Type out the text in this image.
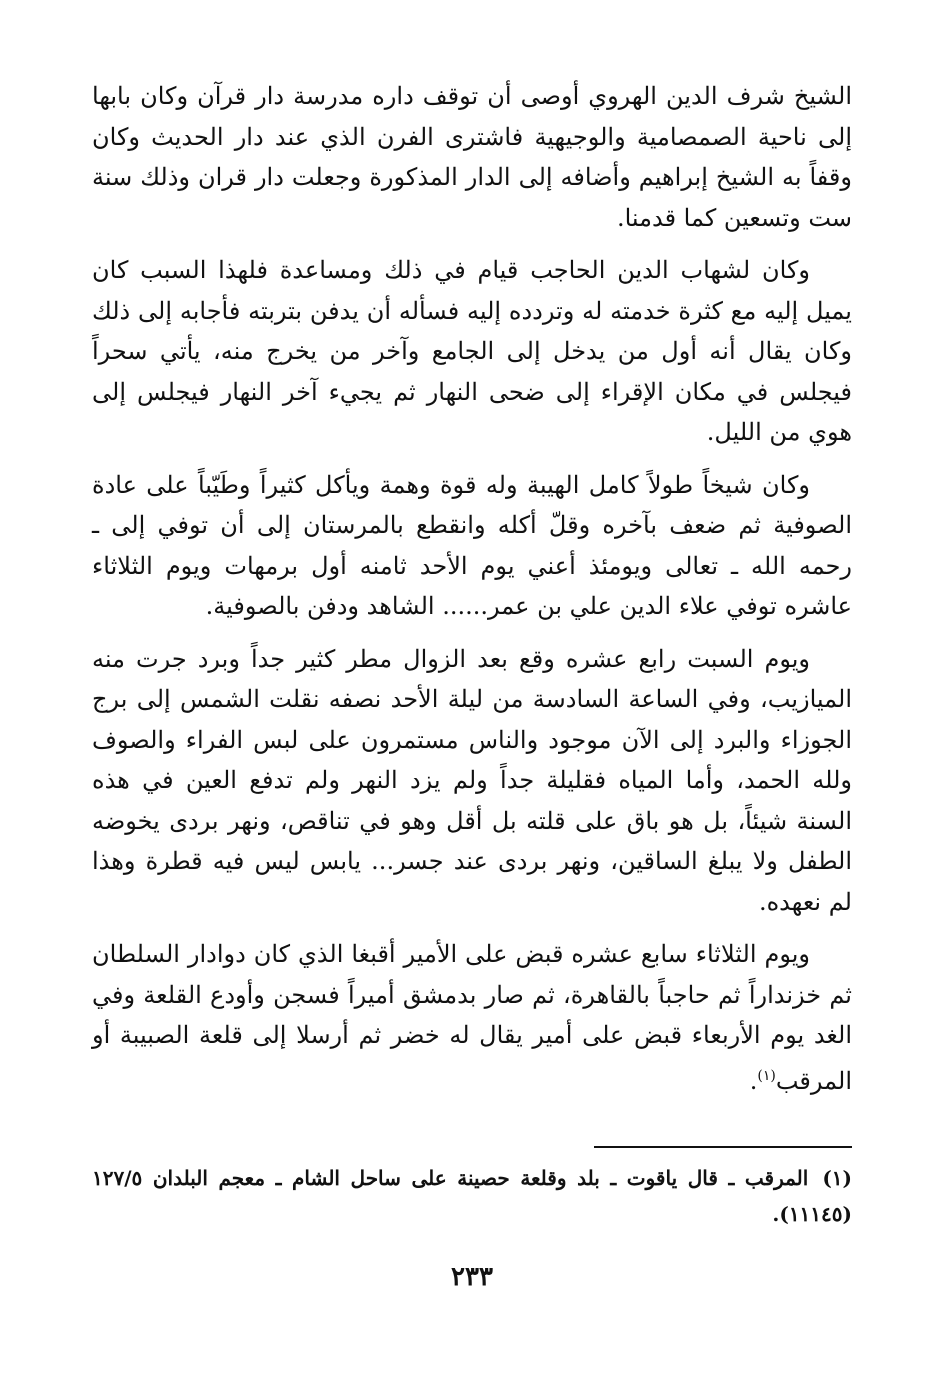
الشيخ شرف الدين الهروي أوصى أن توقف داره مدرسة دار قرآن وكان بابها إلى ناحية الصمصامية والوجيهية فاشترى الفرن الذي عند دار الحديث وكان وقفاً به الشيخ إبراهيم وأضافه إلى الدار المذكورة وجعلت دار قران وذلك سنة ست وتسعين كما قدمنا.

وكان لشهاب الدين الحاجب قيام في ذلك ومساعدة فلهذا السبب كان يميل إليه مع كثرة خدمته له وتردده إليه فسأله أن يدفن بتربته فأجابه إلى ذلك وكان يقال أنه أول من يدخل إلى الجامع وآخر من يخرج منه، يأتي سحراً فيجلس في مكان الإقراء إلى ضحى النهار ثم يجيء آخر النهار فيجلس إلى هوي من الليل.

وكان شيخاً طولاً كامل الهيبة وله قوة وهمة ويأكل كثيراً وطَيّباً على عادة الصوفية ثم ضعف بآخره وقلّ أكله وانقطع بالمرستان إلى أن توفي إلى ـ رحمه الله ـ تعالى ويومئذ أعني يوم الأحد ثامنه أول برمهات ويوم الثلاثاء عاشره توفي علاء الدين علي بن عمر...... الشاهد ودفن بالصوفية.

ويوم السبت رابع عشره وقع بعد الزوال مطر كثير جداً وبرد جرت منه الميازيب، وفي الساعة السادسة من ليلة الأحد نصفه نقلت الشمس إلى برج الجوزاء والبرد إلى الآن موجود والناس مستمرون على لبس الفراء والصوف ولله الحمد، وأما المياه فقليلة جداً ولم يزد النهر ولم تدفع العين في هذه السنة شيئاً، بل هو باق على قلته بل أقل وهو في تناقص، ونهر بردى يخوضه الطفل ولا يبلغ الساقين، ونهر بردى عند جسر... يابس ليس فيه قطرة وهذا لم نعهده.

ويوم الثلاثاء سابع عشره قبض على الأمير أقبغا الذي كان دوادار السلطان ثم خزنداراً ثم حاجباً بالقاهرة، ثم صار بدمشق أميراً فسجن وأودع القلعة وفي الغد يوم الأربعاء قبض على أمير يقال له خضر ثم أرسلا إلى قلعة الصبيبة أو المرقب$^{(١)}$.

(١)المرقب ـ قال ياقوت ـ بلد وقلعة حصينة على ساحل الشام ـ معجم البلدان ١٢٧/٥ (١١١٤٥).
٢٣٣
